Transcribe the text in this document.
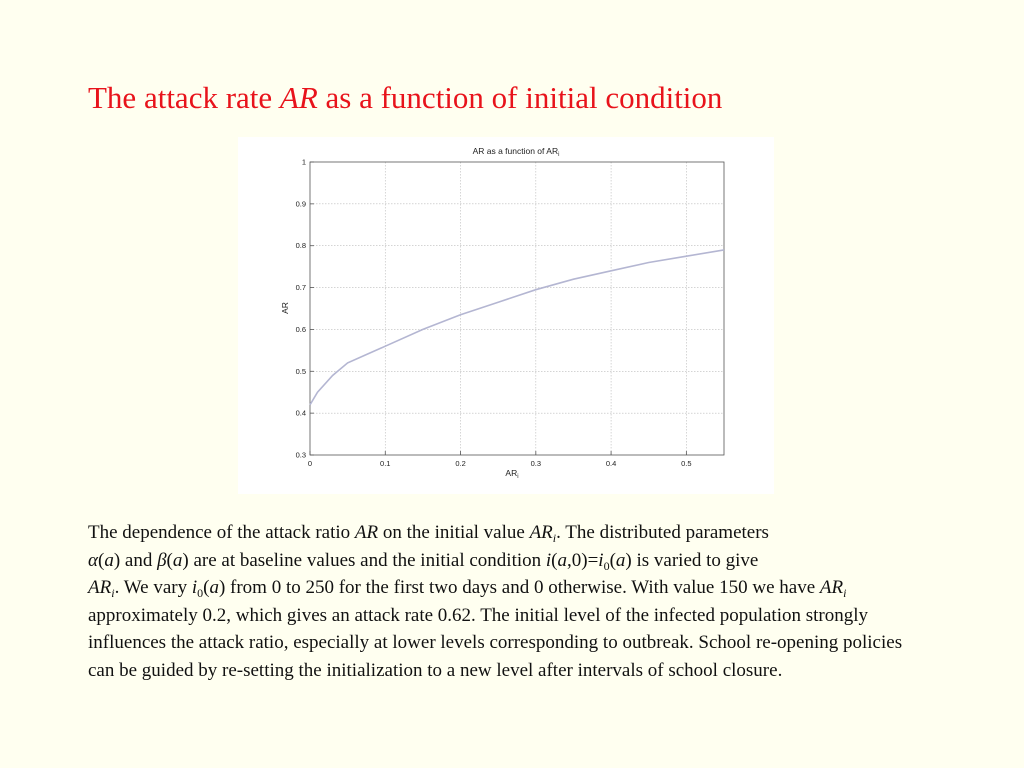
The attack rate AR as a function of initial condition
AR as a function of $AR_i$
0	0.1	0.2	0.3	0.4	0.5
0.3
0.4
0.5
0.6
0.7
0.8
0.9
1
AR
$AR_i$
The dependence of the attack ratio AR on the initial value $AR_i$. The distributed parameters
α(a) and β(a) are at baseline values and the initial condition $i(a,0)=i_0(a)$ is varied to give
$AR_i$. We vary $i_0(a)$ from 0 to 250 for the first two days and 0 otherwise. With value 150 we have $AR_i$ approximately 0.2, which gives an attack rate 0.62. The initial level of the infected population strongly influences the attack ratio, especially at lower levels corresponding to outbreak. School re-opening policies can be guided by re-setting the initialization to a new level after intervals of school closure.
